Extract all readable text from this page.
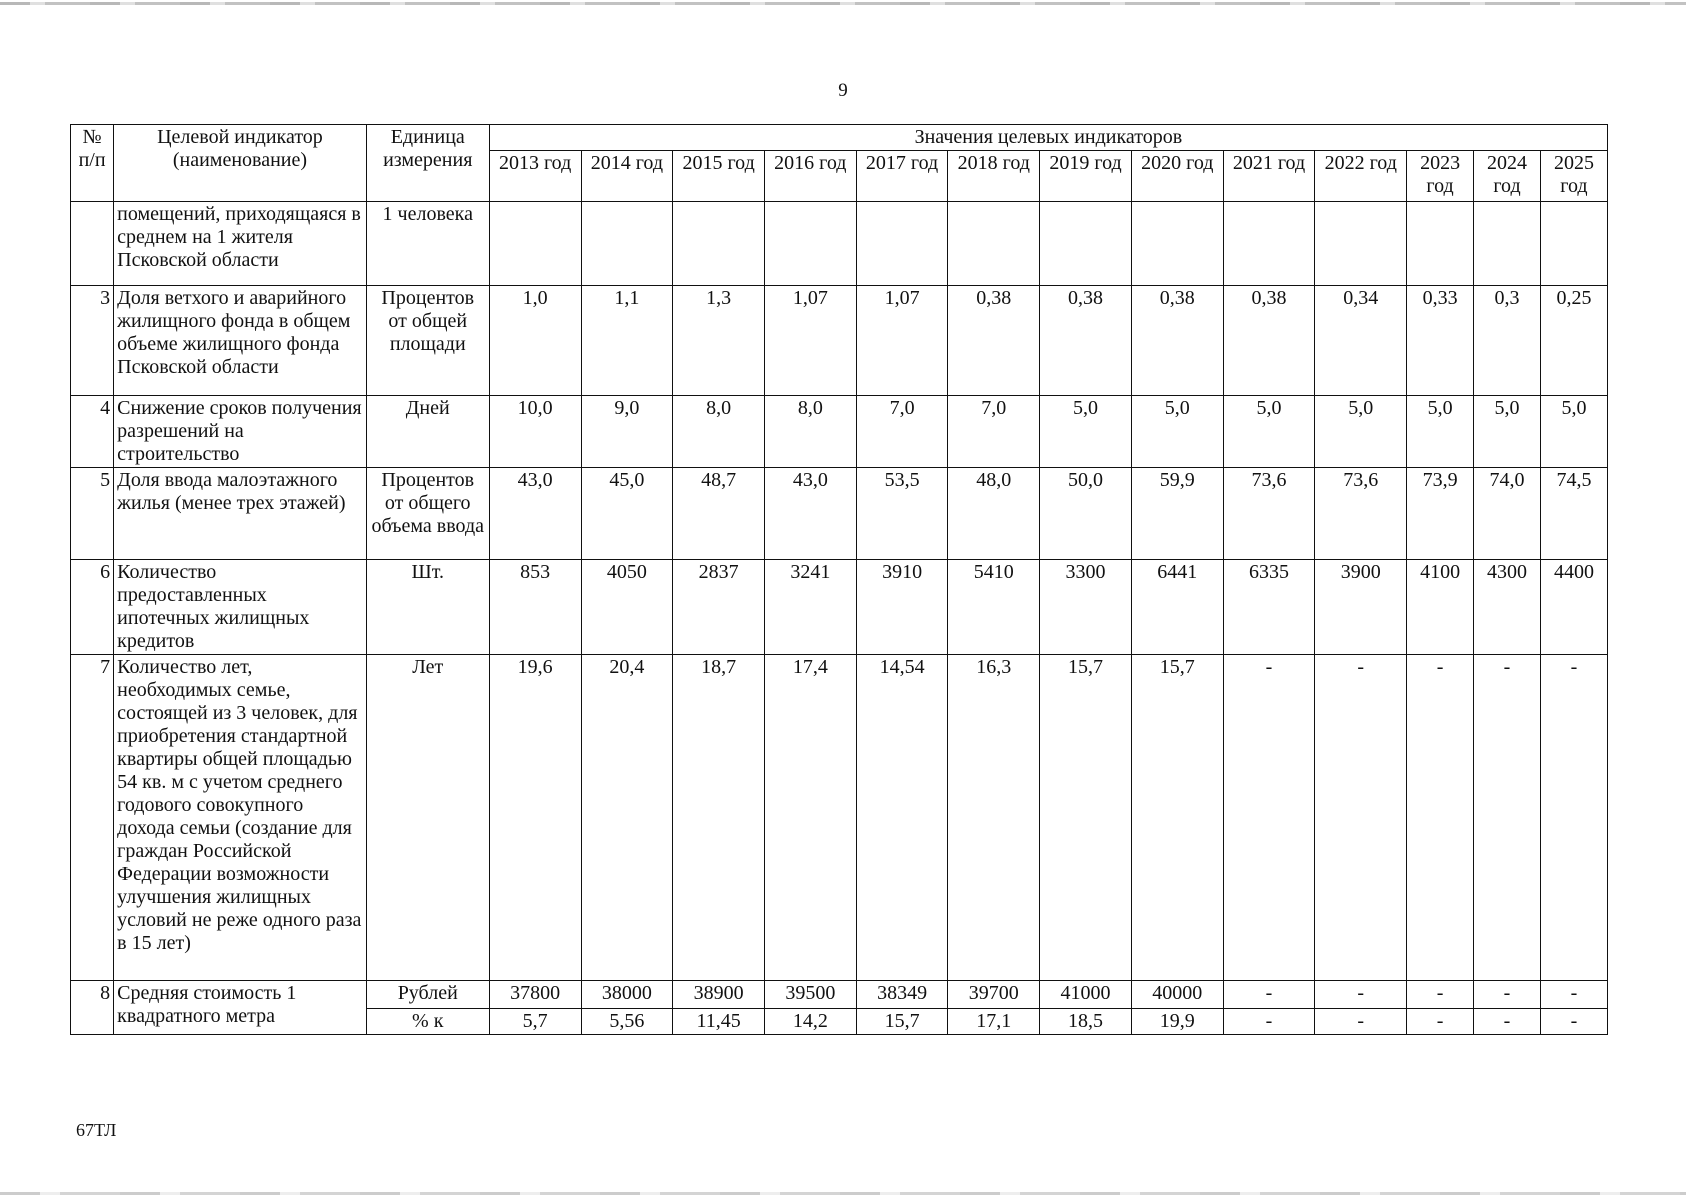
9
№ п/п	Целевой индикатор (наименование)	Единица измерения	Значения целевых индикаторов												
			2013 год	2014 год	2015 год	2016 год	2017 год	2018 год	2019 год	2020 год	2021 год	2022 год	2023 год	2024 год	2025 год
	помещений, приходящаяся в среднем на 1 жителя Псковской области	1 человека													
3	Доля ветхого и аварийного жилищного фонда в общем объеме жилищного фонда Псковской области	Процентов от общей площади	1,0	1,1	1,3	1,07	1,07	0,38	0,38	0,38	0,38	0,34	0,33	0,3	0,25
4	Снижение сроков получения разрешений на строительство	Дней	10,0	9,0	8,0	8,0	7,0	7,0	5,0	5,0	5,0	5,0	5,0	5,0	5,0
5	Доля ввода малоэтажного жилья (менее трех этажей)	Процентов от общего объема ввода	43,0	45,0	48,7	43,0	53,5	48,0	50,0	59,9	73,6	73,6	73,9	74,0	74,5
6	Количество предоставленных ипотечных жилищных кредитов	Шт.	853	4050	2837	3241	3910	5410	3300	6441	6335	3900	4100	4300	4400
7	Количество лет, необходимых семье, состоящей из 3 человек, для приобретения стандартной квартиры общей площадью 54 кв. м с учетом среднего годового совокупного дохода семьи (создание для граждан Российской Федерации возможности улучшения жилищных условий не реже одного раза в 15 лет)	Лет	19,6	20,4	18,7	17,4	14,54	16,3	15,7	15,7	-	-	-	-	-
8	Средняя стоимость 1 квадратного метра	Рублей	37800	38000	38900	39500	38349	39700	41000	40000	-	-	-	-	-
		% к	5,7	5,56	11,45	14,2	15,7	17,1	18,5	19,9	-	-	-	-	-
67ТЛ
